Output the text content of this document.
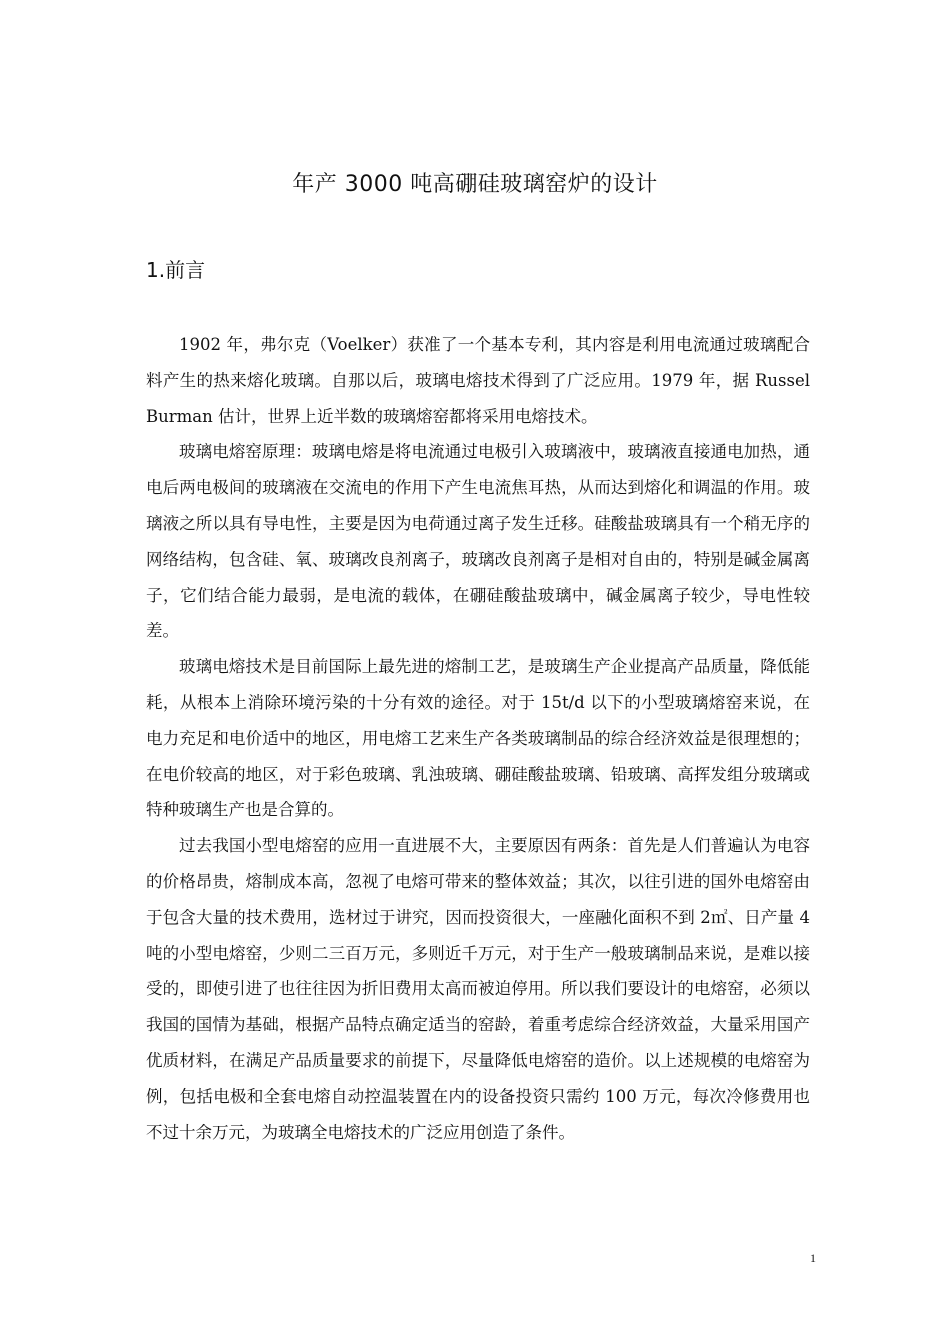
年产 3000 吨高硼硅玻璃窑炉的设计
1.前言

1902 年，弗尔克（Voelker）获准了一个基本专利，其内容是利用电流通过玻璃配合料产生的热来熔化玻璃。自那以后，玻璃电熔技术得到了广泛应用。1979 年，据 Russel Burman 估计，世界上近半数的玻璃熔窑都将采用电熔技术。

玻璃电熔窑原理：玻璃电熔是将电流通过电极引入玻璃液中，玻璃液直接通电加热，通电后两电极间的玻璃液在交流电的作用下产生电流焦耳热，从而达到熔化和调温的作用。玻璃液之所以具有导电性，主要是因为电荷通过离子发生迁移。硅酸盐玻璃具有一个稍无序的网络结构，包含硅、氧、玻璃改良剂离子，玻璃改良剂离子是相对自由的，特别是碱金属离子，它们结合能力最弱，是电流的载体，在硼硅酸盐玻璃中，碱金属离子较少，导电性较差。

玻璃电熔技术是目前国际上最先进的熔制工艺，是玻璃生产企业提高产品质量，降低能耗，从根本上消除环境污染的十分有效的途径。对于 15t/d 以下的小型玻璃熔窑来说，在电力充足和电价适中的地区，用电熔工艺来生产各类玻璃制品的综合经济效益是很理想的；在电价较高的地区，对于彩色玻璃、乳浊玻璃、硼硅酸盐玻璃、铅玻璃、高挥发组分玻璃或特种玻璃生产也是合算的。

过去我国小型电熔窑的应用一直进展不大，主要原因有两条：首先是人们普遍认为电容的价格昂贵，熔制成本高，忽视了电熔可带来的整体效益；其次，以往引进的国外电熔窑由于包含大量的技术费用，选材过于讲究，因而投资很大，一座融化面积不到 2㎡、日产量 4 吨的小型电熔窑，少则二三百万元，多则近千万元，对于生产一般玻璃制品来说，是难以接受的，即使引进了也往往因为折旧费用太高而被迫停用。所以我们要设计的电熔窑，必须以我国的国情为基础，根据产品特点确定适当的窑龄，着重考虑综合经济效益，大量采用国产优质材料，在满足产品质量要求的前提下，尽量降低电熔窑的造价。以上述规模的电熔窑为例，包括电极和全套电熔自动控温装置在内的设备投资只需约 100 万元，每次冷修费用也不过十余万元，为玻璃全电熔技术的广泛应用创造了条件。

1
